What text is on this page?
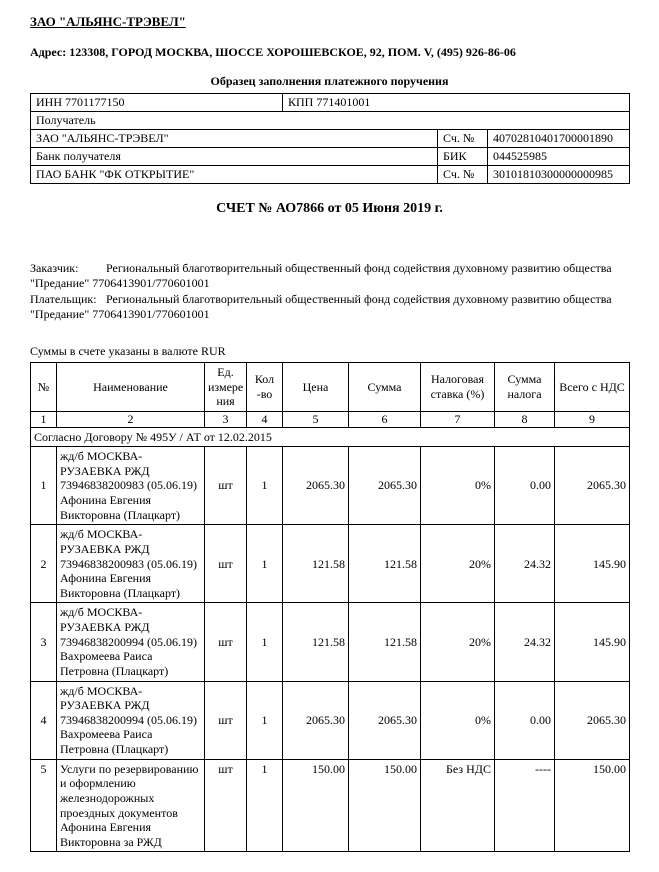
ЗАО "АЛЬЯНС-ТРЭВЕЛ"
Адрес: 123308, ГОРОД МОСКВА, ШОССЕ ХОРОШЕВСКОЕ, 92, ПОМ. V, (495) 926-86-06
Образец заполнения платежного поручения
ИНН 7701177150	КПП 771401001		
Получатель			
ЗАО "АЛЬЯНС-ТРЭВЕЛ"		Сч. №	40702810401700001890
Банк получателя		БИК	044525985
ПАО БАНК "ФК ОТКРЫТИЕ"		Сч. №	30101810300000000985
СЧЕТ № АО7866 от 05 Июня 2019 г.
Заказчик: Региональный благотворительный общественный фонд содействия духовному развитию общества "Предание" 7706413901/770601001
Плательщик: Региональный благотворительный общественный фонд содействия духовному развитию общества "Предание" 7706413901/770601001
Суммы в счете указаны в валюте RUR
№	Наименование	Ед. измере ния	Кол -во	Цена	Сумма	Налоговая ставка (%)	Сумма налога	Всего с НДС
1	2	3	4	5	6	7	8	9
Согласно Договору № 495У / АТ от 12.02.2015								
1	жд/б МОСКВА-РУЗАЕВКА РЖД 73946838200983 (05.06.19) Афонина Евгения Викторовна (Плацкарт)	шт	1	2065.30	2065.30	0%	0.00	2065.30
2	жд/б МОСКВА-РУЗАЕВКА РЖД 73946838200983 (05.06.19) Афонина Евгения Викторовна (Плацкарт)	шт	1	121.58	121.58	20%	24.32	145.90
3	жд/б МОСКВА-РУЗАЕВКА РЖД 73946838200994 (05.06.19) Вахромеева Раиса Петровна (Плацкарт)	шт	1	121.58	121.58	20%	24.32	145.90
4	жд/б МОСКВА-РУЗАЕВКА РЖД 73946838200994 (05.06.19) Вахромеева Раиса Петровна (Плацкарт)	шт	1	2065.30	2065.30	0%	0.00	2065.30
5	Услуги по резервированию и оформлению железнодорожных проездных документов Афонина Евгения Викторовна за РЖД	шт	1	150.00	150.00	Без НДС	----	150.00
